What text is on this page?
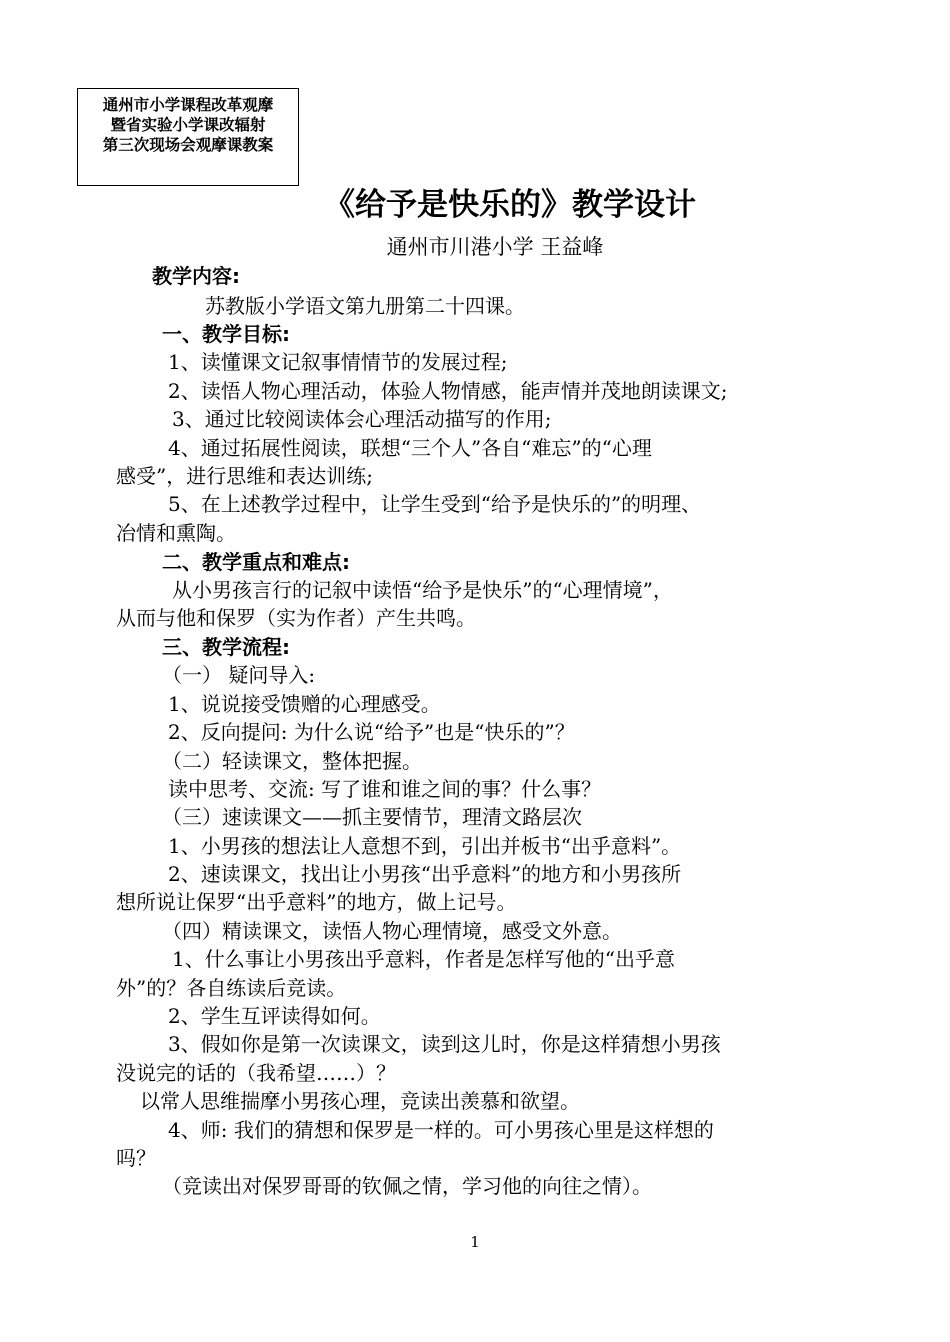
通州市小学课程改革观摩
暨省实验小学课改辐射
第三次现场会观摩课教案
《给予是快乐的》教学设计
通州市川港小学 王益峰
教学内容:
苏教版小学语文第九册第二十四课。
一、教学目标:
1、读懂课文记叙事情情节的发展过程;
2、读悟人物心理活动，体验人物情感，能声情并茂地朗读课文;
3、通过比较阅读体会心理活动描写的作用;
4、通过拓展性阅读，联想“三个人”各自“难忘”的“心理
感受”，进行思维和表达训练;
5、在上述教学过程中，让学生受到“给予是快乐的”的明理、
冶情和熏陶。
二、教学重点和难点:
从小男孩言行的记叙中读悟“给予是快乐”的“心理情境”，
从而与他和保罗（实为作者）产生共鸣。
三、教学流程:
（一） 疑问导入:
1、说说接受馈赠的心理感受。
2、反向提问: 为什么说“给予”也是“快乐的”？
（二）轻读课文，整体把握。
读中思考、交流: 写了谁和谁之间的事？什么事？
（三）速读课文——抓主要情节，理清文路层次
1、小男孩的想法让人意想不到，引出并板书“出乎意料”。
2、速读课文，找出让小男孩“出乎意料”的地方和小男孩所
想所说让保罗“出乎意料”的地方，做上记号。
（四）精读课文，读悟人物心理情境，感受文外意。
1、什么事让小男孩出乎意料，作者是怎样写他的“出乎意
外”的？各自练读后竞读。
2、学生互评读得如何。
3、假如你是第一次读课文，读到这儿时，你是这样猜想小男孩
没说完的话的（我希望……）？
以常人思维揣摩小男孩心理，竞读出羡慕和欲望。
4、师: 我们的猜想和保罗是一样的。可小男孩心里是这样想的
吗？
（竞读出对保罗哥哥的钦佩之情，学习他的向往之情）。
1
